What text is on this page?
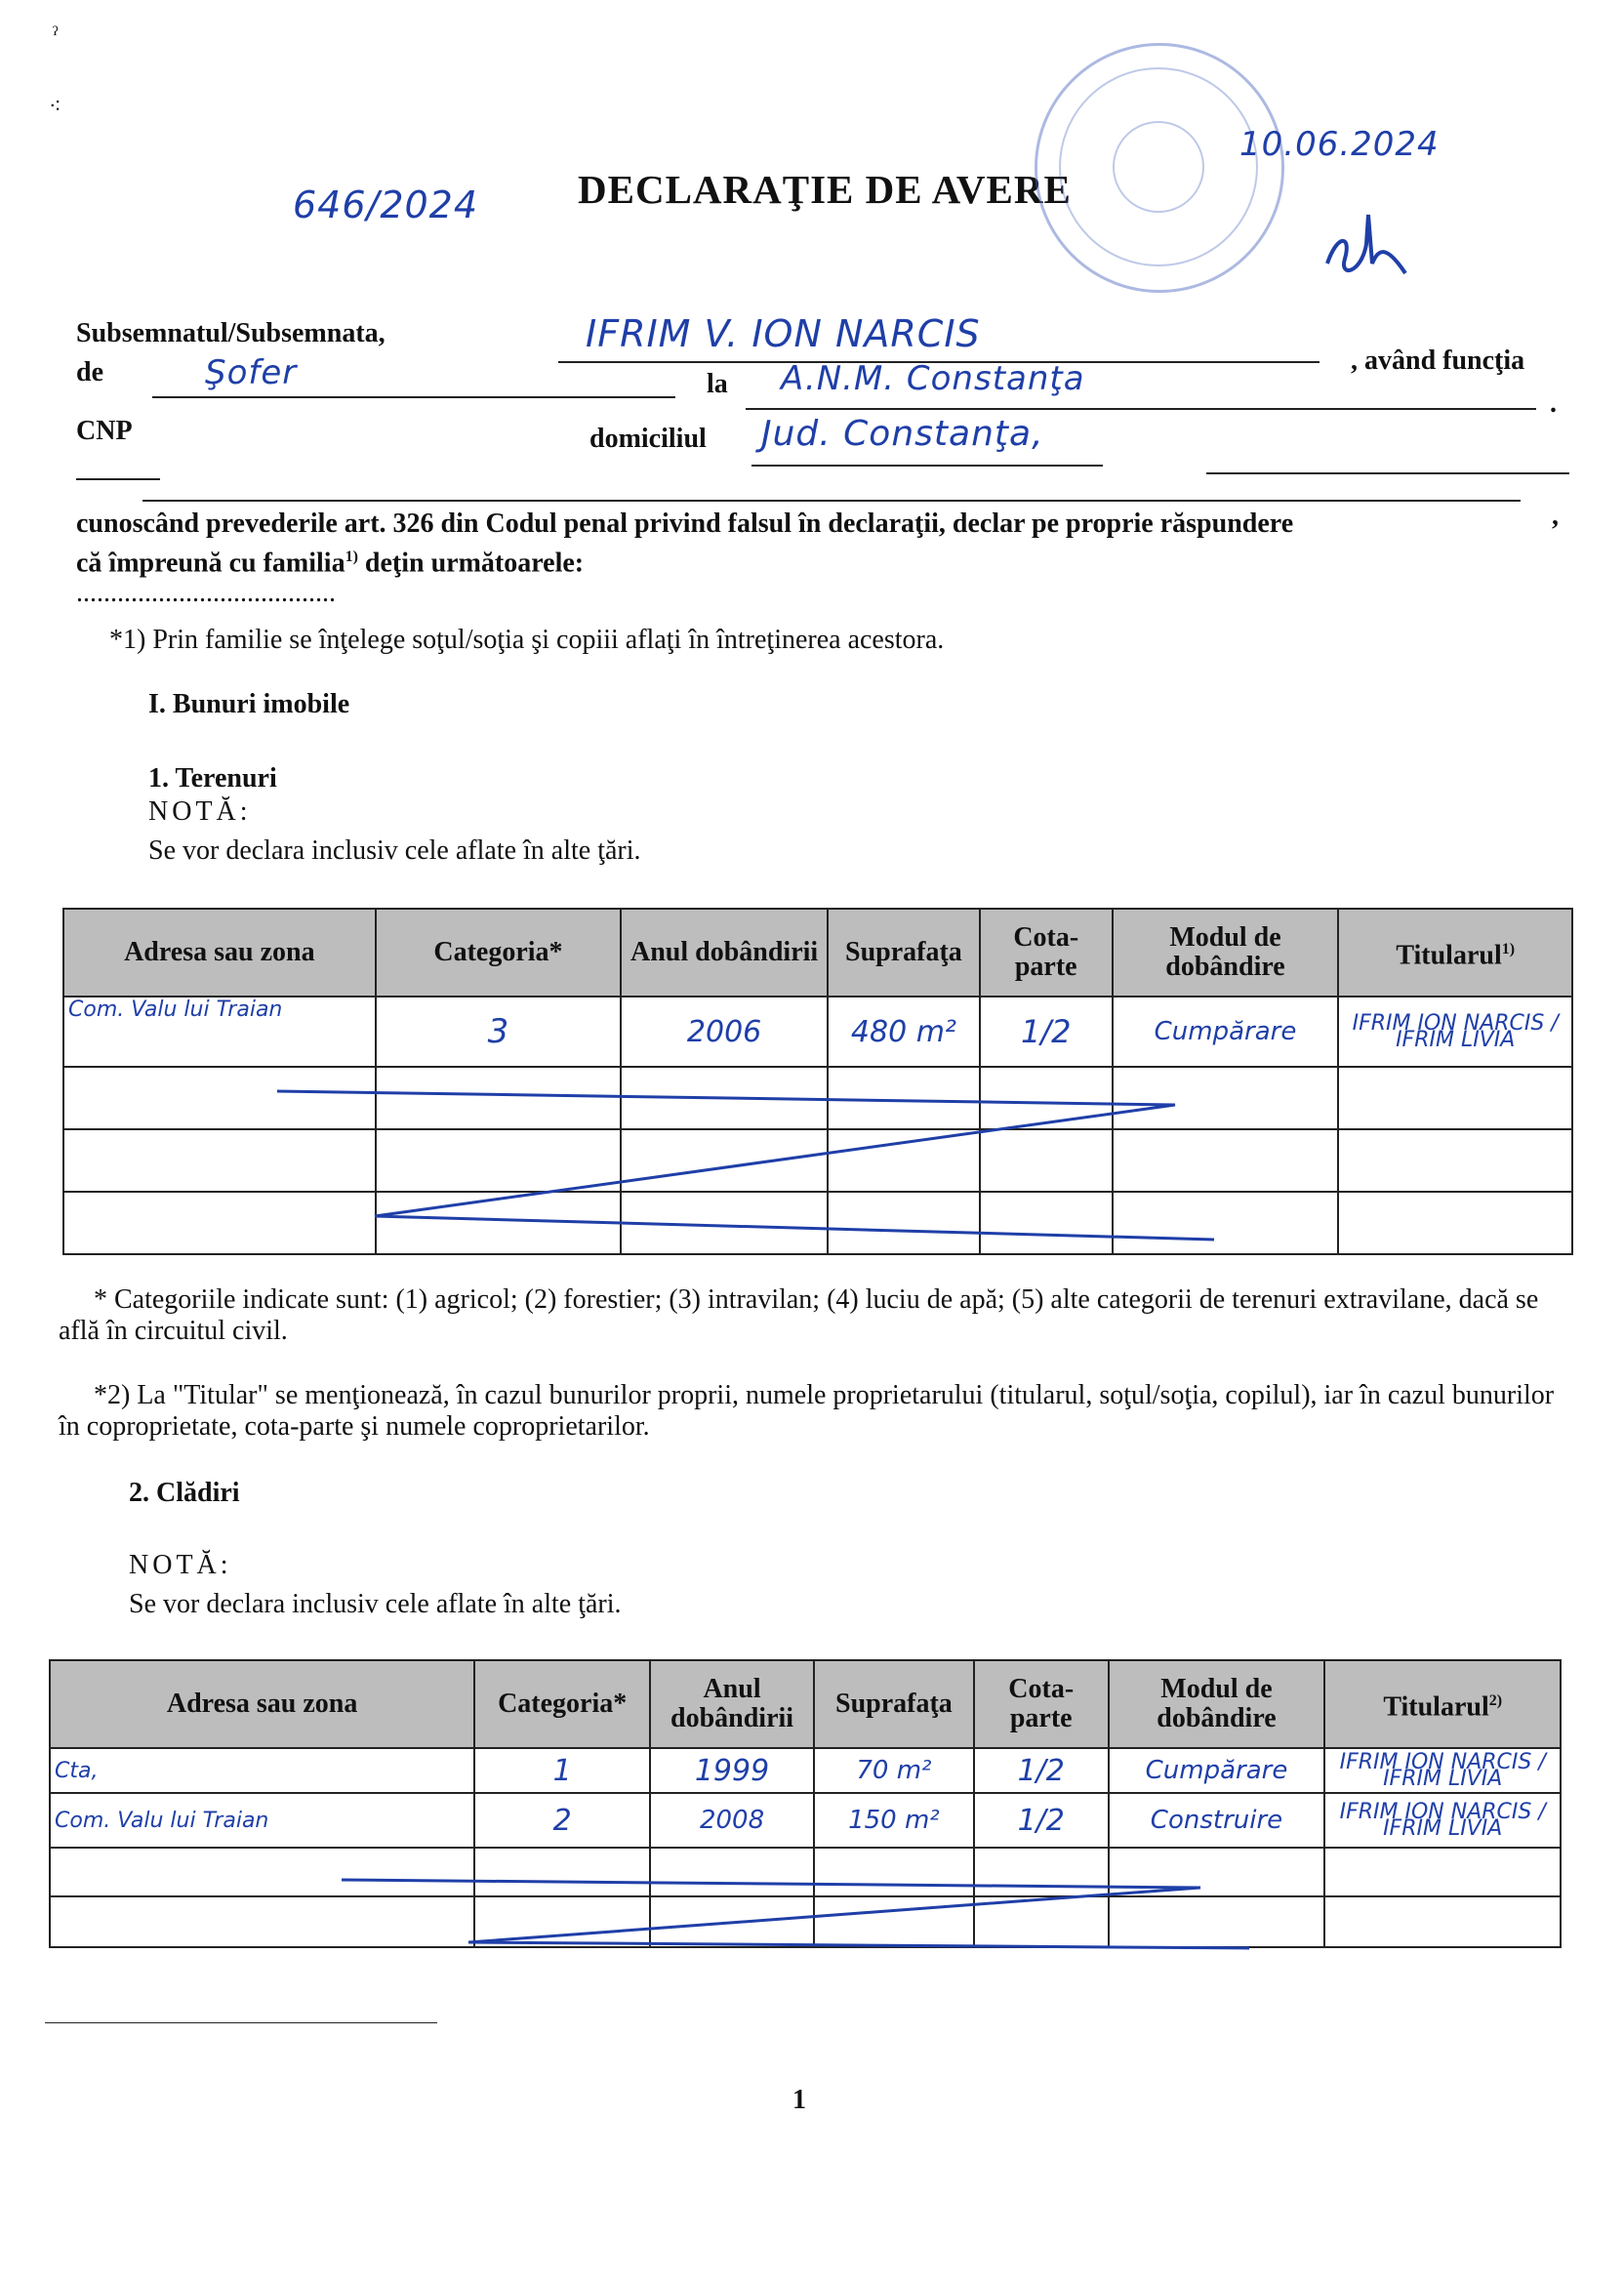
ˀ
⁖
646/2024 DECLARAŢIE DE AVERE
10.06.2024
Subsemnatul/Subsemnata,	IFRIM V. ION NARCIS
, având funcţia
de	Şofer	la A.N.M. Constanţa
.
CNP	domiciliul Jud. Constanţa,
cunoscând prevederile art. 326 din Codul penal privind falsul în declaraţii, declar pe proprie răspundere	,
că împreună cu familia$^{1)}$ deţin următoarele:
......................................
*1) Prin familie se înţelege soţul/soţia şi copiii aflaţi în întreţinerea acestora.
I. Bunuri imobile
1. Terenuri
NOTĂ:
Se vor declara inclusiv cele aflate în alte ţări.
Adresa sau zona	Categoria*	Anul dobândirii	Suprafaţa	Cota-parte	Modul de dobândire	Titularul$^{1)}$
Com. Valu lui Traian	3	2006	480 m²	1/2	Cumpărare	IFRIM ION NARCIS / IFRIM LIVIA

* Categoriile indicate sunt: (1) agricol; (2) forestier; (3) intravilan; (4) luciu de apă; (5) alte categorii de terenuri extravilane, dacă se află în circuitul civil.
*2) La "Titular" se menţionează, în cazul bunurilor proprii, numele proprietarului (titularul, soţul/soţia, copilul), iar în cazul bunurilor în coproprietate, cota-parte şi numele coproprietarilor.
2. Clădiri
NOTĂ:
Se vor declara inclusiv cele aflate în alte ţări.
Adresa sau zona	Categoria*	Anul dobândirii	Suprafaţa	Cota-parte	Modul de dobândire	Titularul$^{2)}$
Cta,	1	1999	70 m²	1/2	Cumpărare	IFRIM ION NARCIS / IFRIM LIVIA
Com. Valu lui Traian	2	2008	150 m²	1/2	Construire	IFRIM ION NARCIS / IFRIM LIVIA

1
